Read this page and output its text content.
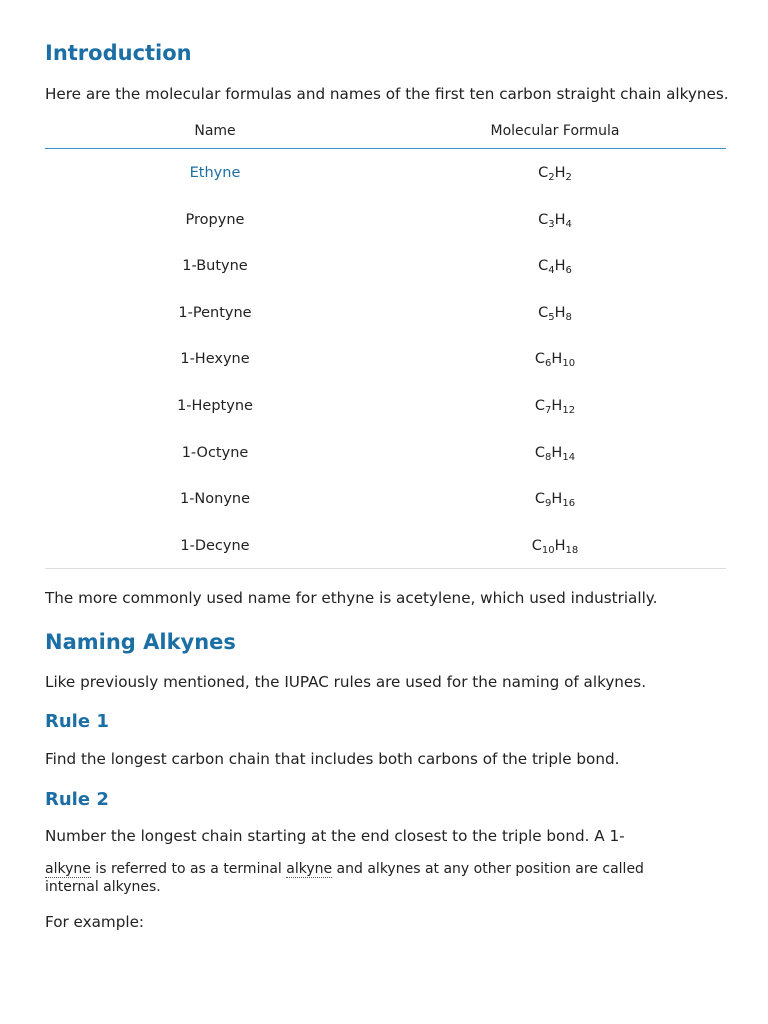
Introduction

Here are the molecular formulas and names of the first ten carbon straight chain alkynes.

Name	Molecular Formula
Ethyne	$C_2H_2$
Propyne	$C_3H_4$
1-Butyne	$C_4H_6$
1-Pentyne	$C_5H_8$
1-Hexyne	$C_6H_{10}$
1-Heptyne	$C_7H_{12}$
1-Octyne	$C_8H_{14}$
1-Nonyne	$C_9H_{16}$
1-Decyne	$C_{10}H_{18}$

The more commonly used name for ethyne is acetylene, which used industrially.

Naming Alkynes

Like previously mentioned, the IUPAC rules are used for the naming of alkynes.

Rule 1

Find the longest carbon chain that includes both carbons of the triple bond.

Rule 2

Number the longest chain starting at the end closest to the triple bond. A 1-

alkyne is referred to as a terminal alkyne and alkynes at any other position are called internal alkynes.

For example:
